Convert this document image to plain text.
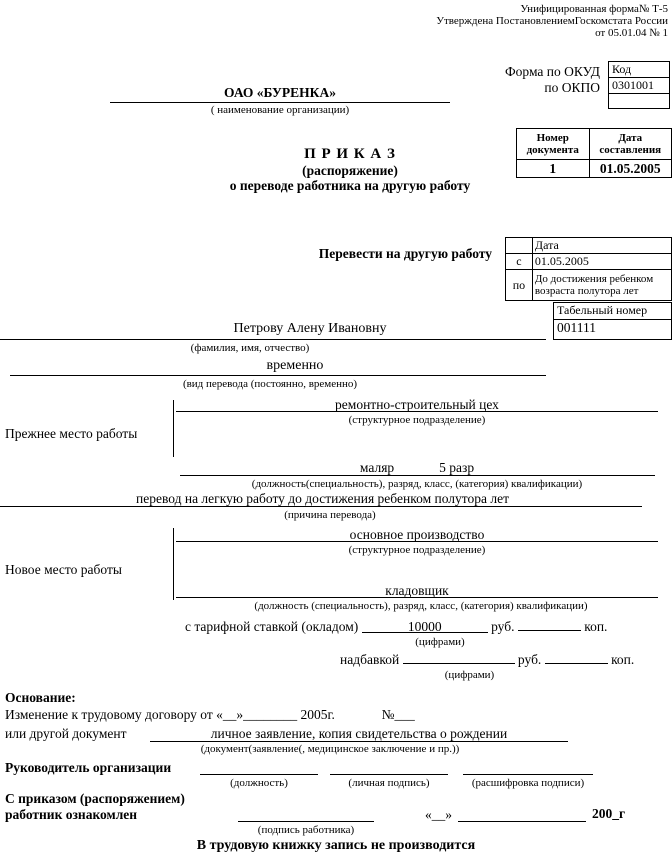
Унифицированная форма№ Т-5
Утверждена ПостановлениемГоскомстата России
от 05.01.04 № 1
Форма по ОКУД
по ОКПО
Код
0301001
ОАО «БУРЕНКА»
( наименование организации)
Номер документа	Дата составления
1	01.05.2005
П Р И К А З
(распоряжение)
о переводе работника на другую работу
Перевести на другую работу
	Дата
с	01.05.2005
по	До достижения ребенком возраста полутора лет
Табельный номер
001111
Петрову Алену Ивановну
(фамилия, имя, отчество)
временно
(вид перевода (постоянно, временно)
ремонтно-строительный цех
(структурное подразделение)
Прежнее место работы
маляр	5 разр
(должность(специальность), разряд, класс, (категория) квалификации)
перевод на легкую работу до достижения ребенком полутора лет
(причина перевода)
основное производство
(структурное подразделение)
Новое место работы
кладовщик
(должность (специальность), разряд, класс, (категория) квалификации)
с тарифной ставкой (окладом)	10000	руб.	коп.
(цифрами)
надбавкой	руб.	коп.
(цифрами)
Основание:
Изменение к трудовому договору от «__»________ 2005г.	№___
или другой документ	личное заявление, копия свидетельства о рождении
(документ(заявление(, медицинское заключение и пр.))
Руководитель организации
(должность)	(личная подпись)	(расшифровка подписи)
С приказом (распоряжением)
работник ознакомлен	«__»	200_г
(подпись работника)
В трудовую книжку запись не производится
